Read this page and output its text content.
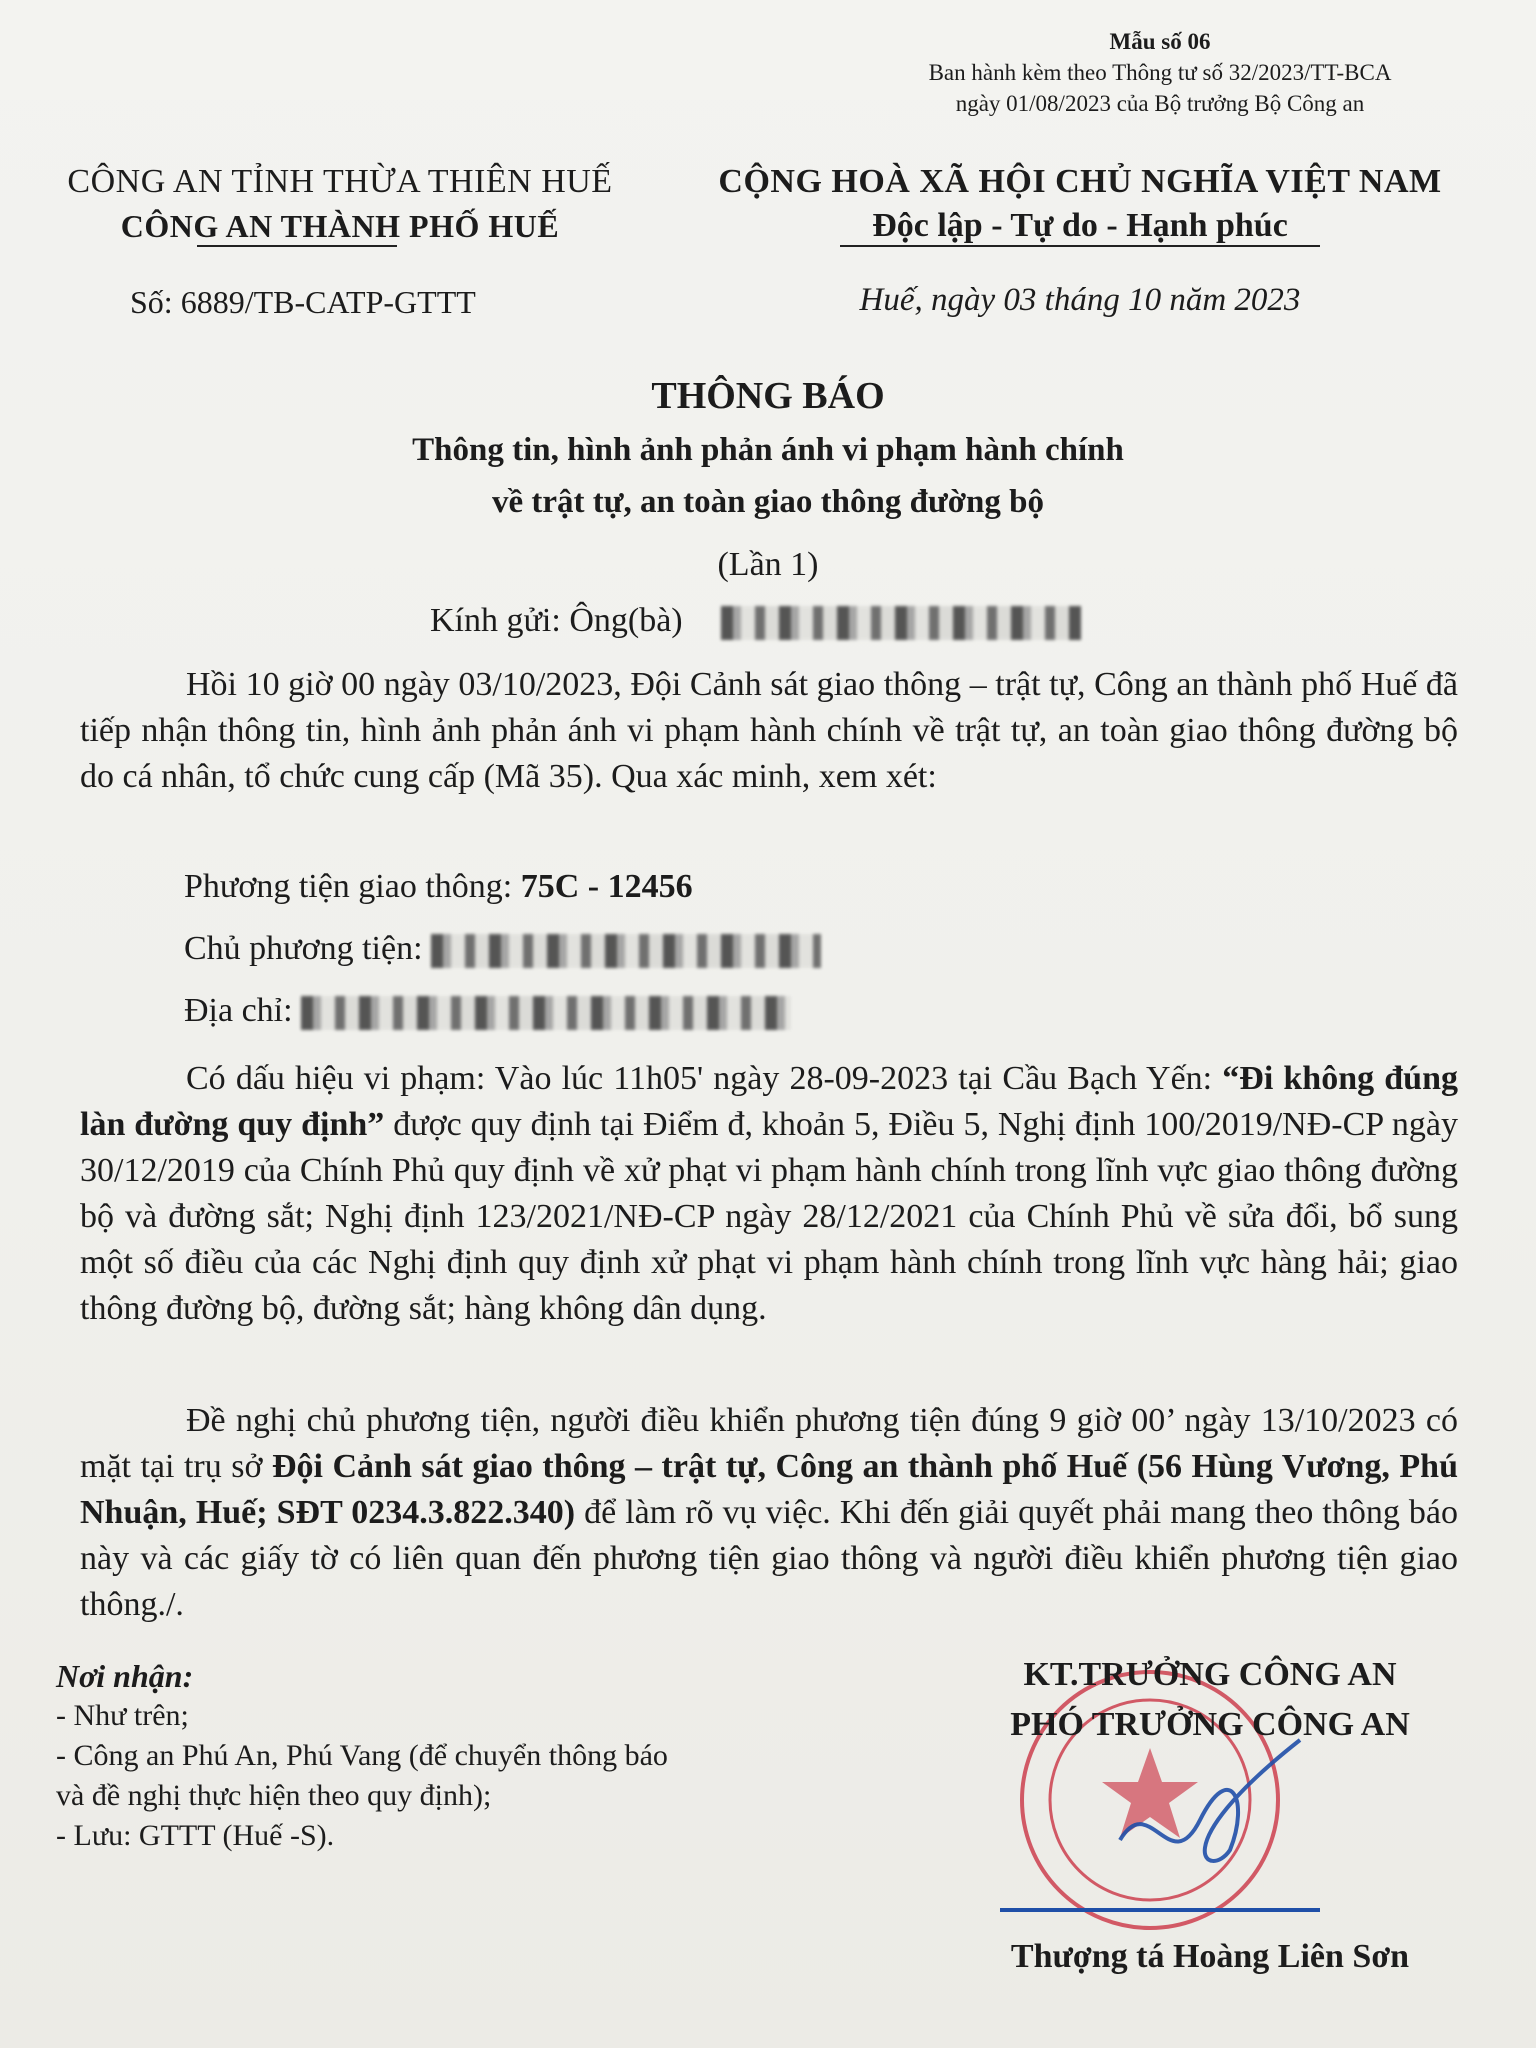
Mẫu số 06
Ban hành kèm theo Thông tư số 32/2023/TT-BCA
ngày 01/08/2023 của Bộ trưởng Bộ Công an
CÔNG AN TỈNH THỪA THIÊN HUẾ
CÔNG AN THÀNH PHỐ HUẾ
Số: 6889/TB-CATP-GTTT
CỘNG HOÀ XÃ HỘI CHỦ NGHĨA VIỆT NAM
Độc lập - Tự do - Hạnh phúc
Huế, ngày 03 tháng 10 năm 2023
THÔNG BÁO
Thông tin, hình ảnh phản ánh vi phạm hành chính
về trật tự, an toàn giao thông đường bộ
(Lần 1)
Kính gửi: Ông(bà)
Hồi 10 giờ 00 ngày 03/10/2023, Đội Cảnh sát giao thông – trật tự, Công an thành phố Huế đã tiếp nhận thông tin, hình ảnh phản ánh vi phạm hành chính về trật tự, an toàn giao thông đường bộ do cá nhân, tổ chức cung cấp (Mã 35). Qua xác minh, xem xét:
Phương tiện giao thông: 75C - 12456
Chủ phương tiện:
Địa chỉ:
Có dấu hiệu vi phạm: Vào lúc 11h05' ngày 28-09-2023 tại Cầu Bạch Yến: “Đi không đúng làn đường quy định” được quy định tại Điểm đ, khoản 5, Điều 5, Nghị định 100/2019/NĐ-CP ngày 30/12/2019 của Chính Phủ quy định về xử phạt vi phạm hành chính trong lĩnh vực giao thông đường bộ và đường sắt; Nghị định 123/2021/NĐ-CP ngày 28/12/2021 của Chính Phủ về sửa đổi, bổ sung một số điều của các Nghị định quy định xử phạt vi phạm hành chính trong lĩnh vực hàng hải; giao thông đường bộ, đường sắt; hàng không dân dụng.
Đề nghị chủ phương tiện, người điều khiển phương tiện đúng 9 giờ 00’ ngày 13/10/2023 có mặt tại trụ sở Đội Cảnh sát giao thông – trật tự, Công an thành phố Huế (56 Hùng Vương, Phú Nhuận, Huế; SĐT 0234.3.822.340) để làm rõ vụ việc. Khi đến giải quyết phải mang theo thông báo này và các giấy tờ có liên quan đến phương tiện giao thông và người điều khiển phương tiện giao thông./.
Nơi nhận:
- Như trên;
- Công an Phú An, Phú Vang (để chuyển thông báo
và đề nghị thực hiện theo quy định);
- Lưu: GTTT (Huế -S).
KT.TRƯỞNG CÔNG AN
PHÓ TRƯỞNG CÔNG AN
Thượng tá Hoàng Liên Sơn
